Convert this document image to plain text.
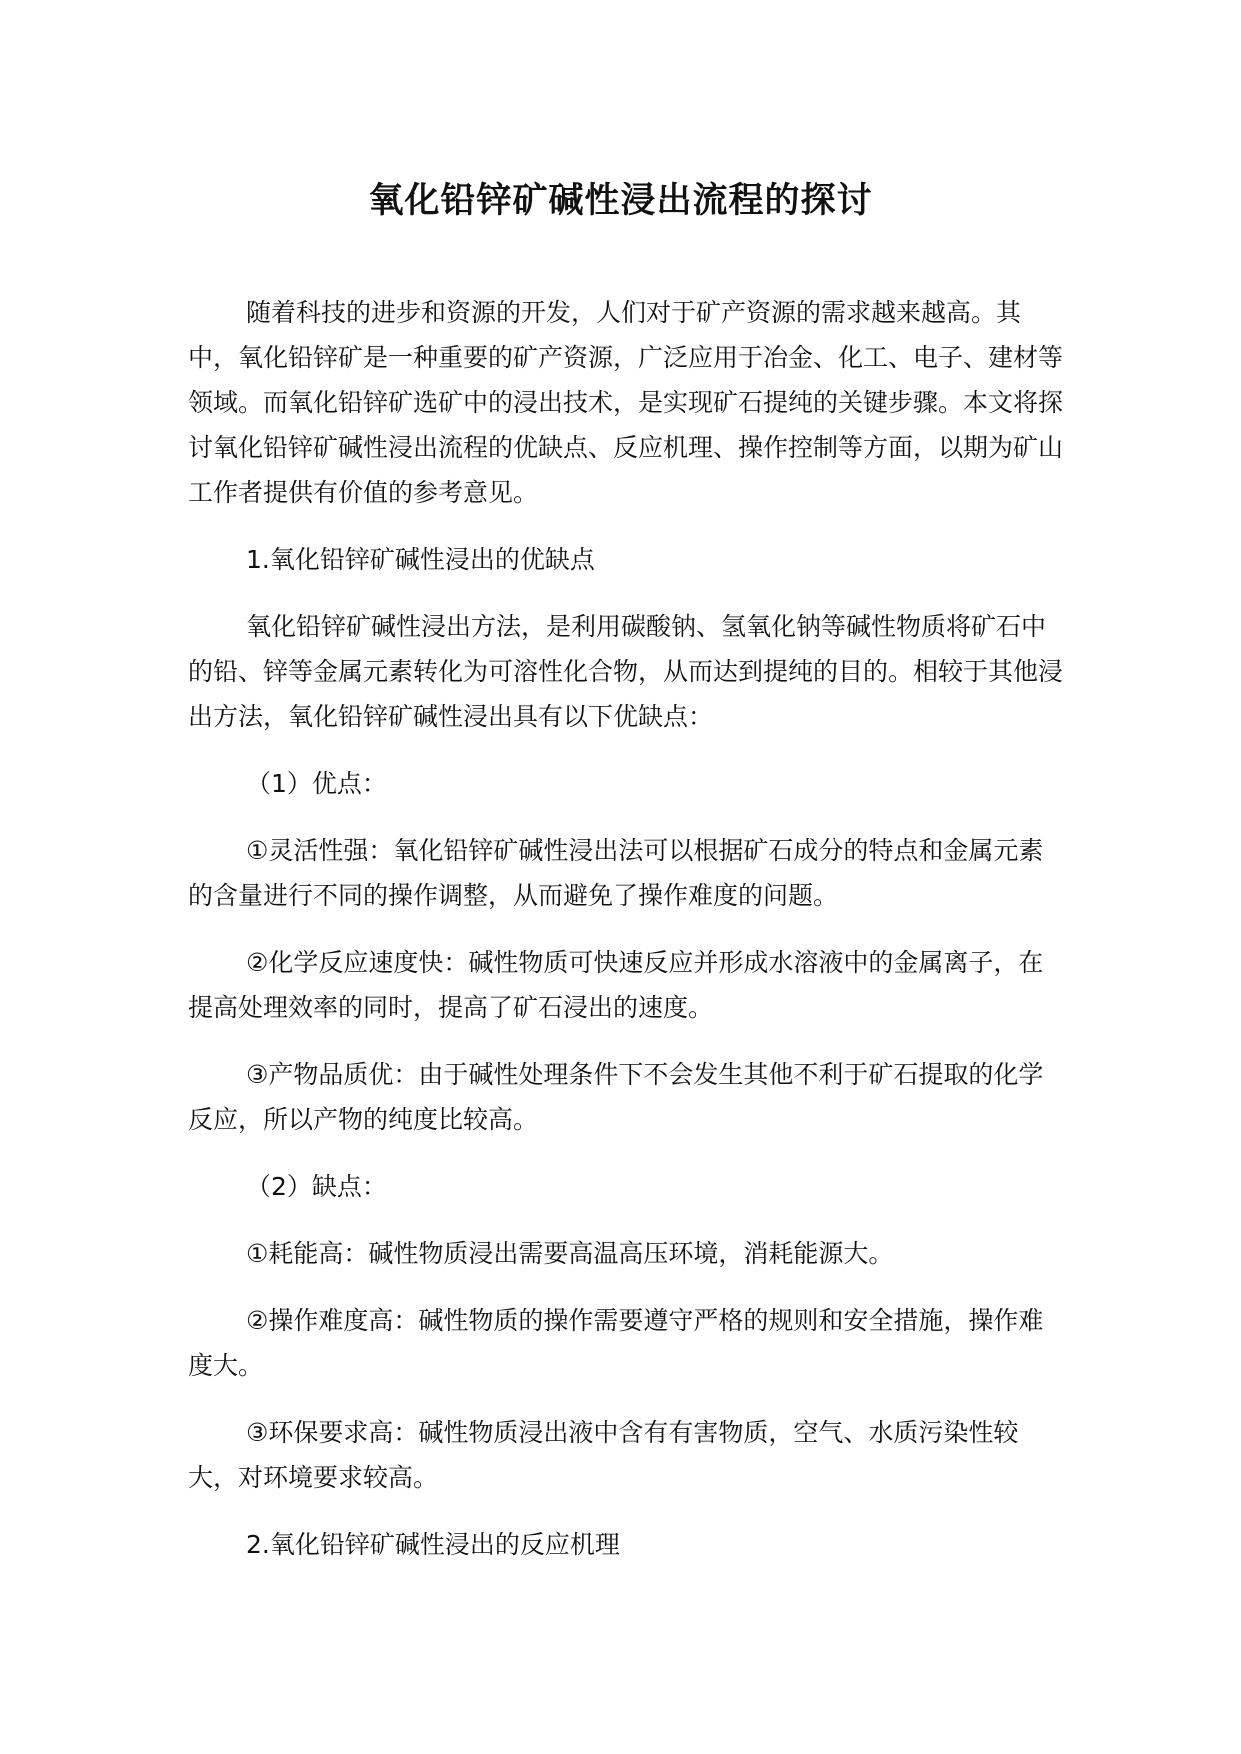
氧化铅锌矿碱性浸出流程的探讨

随着科技的进步和资源的开发，人们对于矿产资源的需求越来越高。其中，氧化铅锌矿是一种重要的矿产资源，广泛应用于冶金、化工、电子、建材等领域。而氧化铅锌矿选矿中的浸出技术，是实现矿石提纯的关键步骤。本文将探讨氧化铅锌矿碱性浸出流程的优缺点、反应机理、操作控制等方面，以期为矿山工作者提供有价值的参考意见。

1.氧化铅锌矿碱性浸出的优缺点

氧化铅锌矿碱性浸出方法，是利用碳酸钠、氢氧化钠等碱性物质将矿石中的铅、锌等金属元素转化为可溶性化合物，从而达到提纯的目的。相较于其他浸出方法，氧化铅锌矿碱性浸出具有以下优缺点：

（1）优点：

①灵活性强：氧化铅锌矿碱性浸出法可以根据矿石成分的特点和金属元素的含量进行不同的操作调整，从而避免了操作难度的问题。

②化学反应速度快：碱性物质可快速反应并形成水溶液中的金属离子，在提高处理效率的同时，提高了矿石浸出的速度。

③产物品质优：由于碱性处理条件下不会发生其他不利于矿石提取的化学反应，所以产物的纯度比较高。

（2）缺点：

①耗能高：碱性物质浸出需要高温高压环境，消耗能源大。

②操作难度高：碱性物质的操作需要遵守严格的规则和安全措施，操作难度大。

③环保要求高：碱性物质浸出液中含有有害物质，空气、水质污染性较大，对环境要求较高。

2.氧化铅锌矿碱性浸出的反应机理
